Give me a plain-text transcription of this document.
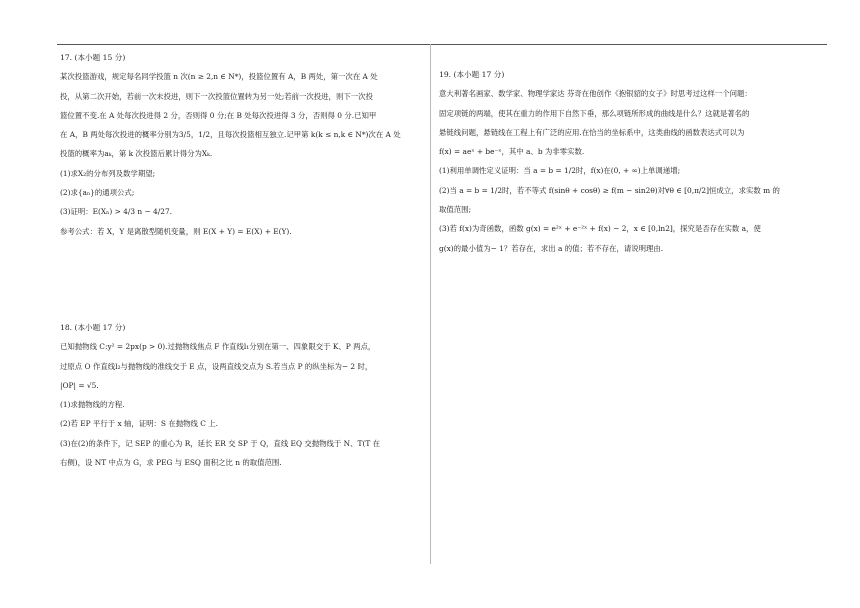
17. (本小题 15 分)

某次投篮游戏，规定每名同学投篮 n 次(n ≥ 2,n ∈ N*)，投篮位置有 A，B 两处，第一次在 A 处

投，从第二次开始，若前一次未投进，则下一次投篮位置转为另一处;若前一次投进，则下一次投

篮位置不变.在 A 处每次投进得 2 分，否则得 0 分;在 B 处每次投进得 3 分，否则得 0 分.已知甲

在 A，B 两处每次投进的概率分别为3/5，1/2，且每次投篮相互独立.记甲第 k(k ≤ n,k ∈ N*)次在 A 处

投篮的概率为aₖ，第 k 次投篮后累计得分为Xₖ.

(1)求X₂的分布列及数学期望;

(2)求{aₙ}的通项公式;

(3)证明：E(Xₙ) > 4/3 n − 4/27.

参考公式：若 X，Y 是离散型随机变量，则 E(X + Y) = E(X) + E(Y).

18. (本小题 17 分)

已知抛物线 C:y² = 2px(p > 0).过抛物线焦点 F 作直线l₁分别在第一、四象限交于 K、P 两点，

过原点 O 作直线l₂与抛物线的准线交于 E 点，设两直线交点为 S.若当点 P 的纵坐标为− 2 时，

|OP| = √5.

(1)求抛物线的方程.

(2)若 EP 平行于 x 轴，证明：S 在抛物线 C 上.

(3)在(2)的条件下，记 SEP 的重心为 R，延长 ER 交 SP 于 Q，直线 EQ 交抛物线于 N、T(T 在

右侧)，设 NT 中点为 G，求 PEG 与 ESQ 面积之比 n 的取值范围.

19. (本小题 17 分)

意大利著名画家、数学家、物理学家达 芬奇在他创作《抱银貂的女子》时思考过这样一个问题：

固定项链的两端，使其在重力的作用下自然下垂，那么项链所形成的曲线是什么？这就是著名的

悬链线问题，悬链线在工程上有广泛的应用.在恰当的坐标系中，这类曲线的函数表达式可以为

f(x) = aeˣ + be⁻ˣ，其中 a、b 为非零实数.

(1)利用单调性定义证明：当 a = b = 1/2时，f(x)在(0, + ∞)上单调递增;

(2)当 a = b = 1/2时，若不等式 f(sinθ + cosθ) ≥ f(m − sin2θ)对∀θ ∈ [0,π/2]恒成立，求实数 m 的

取值范围;

(3)若 f(x)为奇函数，函数 g(x) = e²ˣ + e⁻²ˣ + f(x) − 2，x ∈ [0,ln2]，探究是否存在实数 a，使

g(x)的最小值为− 1？若存在，求出 a 的值；若不存在，请说明理由.
